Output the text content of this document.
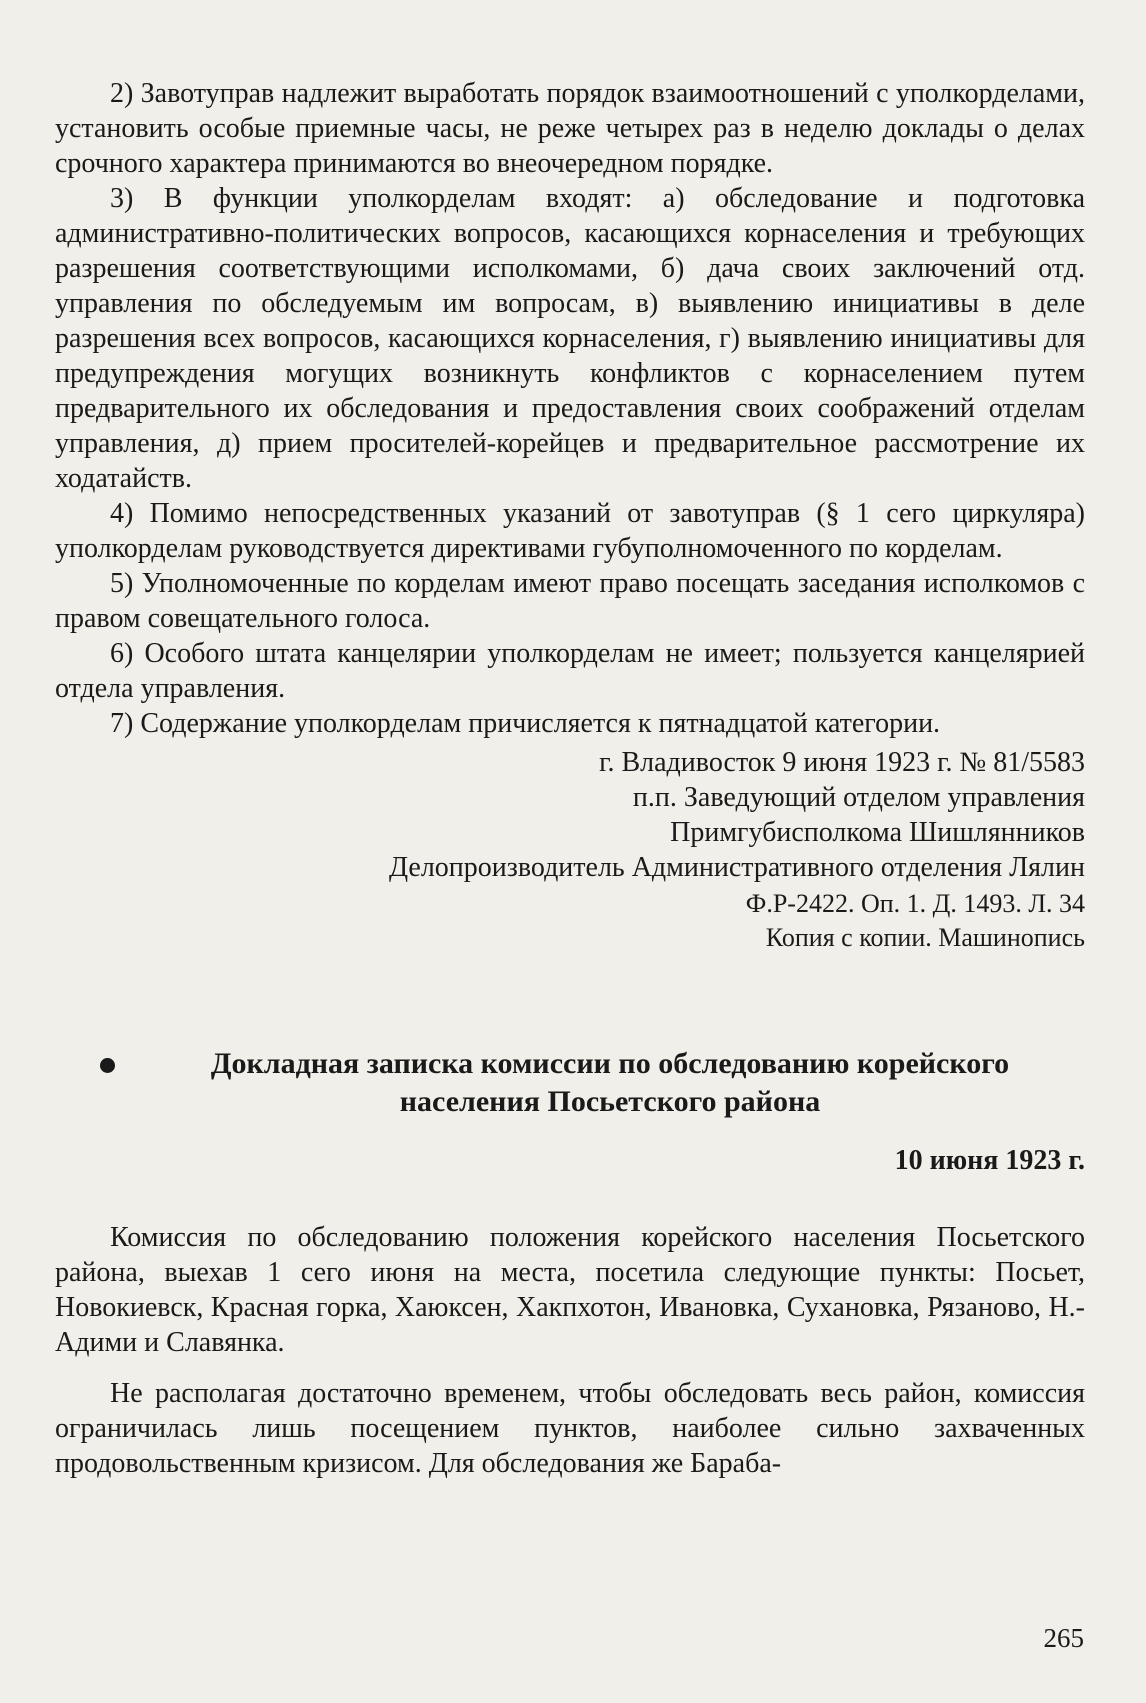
2) Завотуправ надлежит выработать порядок взаимоотношений с уполкорделами, установить особые приемные часы, не реже четырех раз в неделю доклады о делах срочного характера принимаются во внеочередном порядке.

3) В функции уполкорделам входят: а) обследование и подготовка административно-политических вопросов, касающихся корнаселения и требующих разрешения соответствующими исполкомами, б) дача своих заключений отд. управления по обследуемым им вопросам, в) выявлению инициативы в деле разрешения всех вопросов, касающихся корнаселения, г) выявлению инициативы для предупреждения могущих возникнуть конфликтов с корнаселением путем предварительного их обследования и предоставления своих соображений отделам управления, д) прием просителей-корейцев и предварительное рассмотрение их ходатайств.

4) Помимо непосредственных указаний от завотуправ (§ 1 сего циркуляра) уполкорделам руководствуется директивами губуполномоченного по корделам.

5) Уполномоченные по корделам имеют право посещать заседания исполкомов с правом совещательного голоса.

6) Особого штата канцелярии уполкорделам не имеет; пользуется канцелярией отдела управления.

7) Содержание уполкорделам причисляется к пятнадцатой категории.

г. Владивосток 9 июня 1923 г. № 81/5583
п.п. Заведующий отделом управления
Примгубисполкома Шишлянников
Делопроизводитель Административного отделения Лялин
Ф.Р-2422. Оп. 1. Д. 1493. Л. 34
Копия с копии. Машинопись
Докладная записка комиссии по обследованию корейского
населения Посьетского района
10 июня 1923 г.

Комиссия по обследованию положения корейского населения Посьетского района, выехав 1 сего июня на места, посетила следующие пункты: Посьет, Новокиевск, Красная горка, Хаюксен, Хакпхотон, Ивановка, Сухановка, Рязаново, Н.-Адими и Славянка.

Не располагая достаточно временем, чтобы обследовать весь район, комиссия ограничилась лишь посещением пунктов, наиболее сильно захваченных продовольственным кризисом. Для обследования же Бараба-

265
